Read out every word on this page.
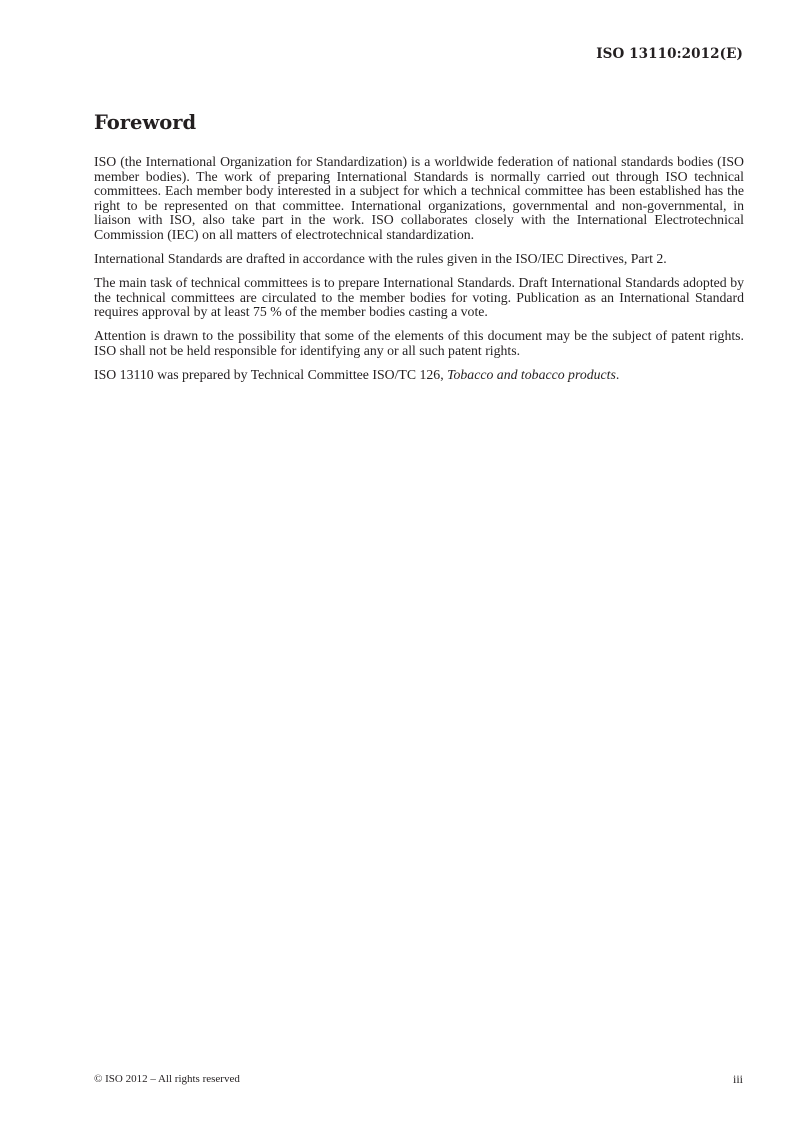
ISO 13110:2012(E)
Foreword

ISO (the International Organization for Standardization) is a worldwide federation of national standards bodies (ISO member bodies). The work of preparing International Standards is normally carried out through ISO technical committees. Each member body interested in a subject for which a technical committee has been established has the right to be represented on that committee. International organizations, governmental and non-governmental, in liaison with ISO, also take part in the work. ISO collaborates closely with the International Electrotechnical Commission (IEC) on all matters of electrotechnical standardization.

International Standards are drafted in accordance with the rules given in the ISO/IEC Directives, Part 2.

The main task of technical committees is to prepare International Standards. Draft International Standards adopted by the technical committees are circulated to the member bodies for voting. Publication as an International Standard requires approval by at least 75 % of the member bodies casting a vote.

Attention is drawn to the possibility that some of the elements of this document may be the subject of patent rights. ISO shall not be held responsible for identifying any or all such patent rights.

ISO 13110 was prepared by Technical Committee ISO/TC 126, Tobacco and tobacco products.

© ISO 2012 – All rights reserved	iii
